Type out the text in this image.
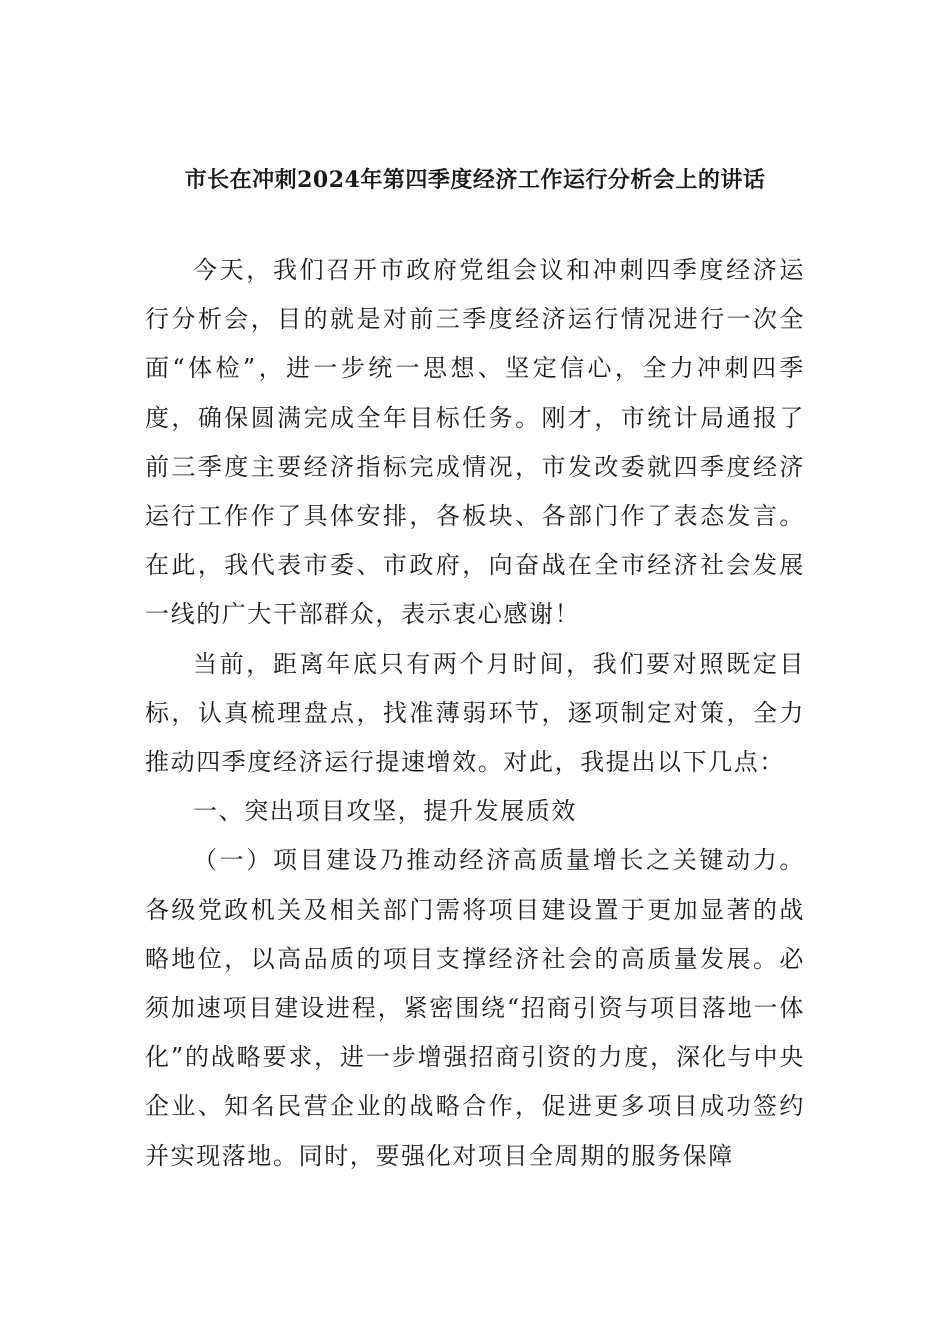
市长在冲刺2024年第四季度经济工作运行分析会上的讲话

今天，我们召开市政府党组会议和冲刺四季度经济运行分析会，目的就是对前三季度经济运行情况进行一次全面“体检”，进一步统一思想、坚定信心，全力冲刺四季度，确保圆满完成全年目标任务。刚才，市统计局通报了前三季度主要经济指标完成情况，市发改委就四季度经济运行工作作了具体安排，各板块、各部门作了表态发言。在此，我代表市委、市政府，向奋战在全市经济社会发展一线的广大干部群众，表示衷心感谢！

当前，距离年底只有两个月时间，我们要对照既定目标，认真梳理盘点，找准薄弱环节，逐项制定对策，全力推动四季度经济运行提速增效。对此，我提出以下几点：

一、突出项目攻坚，提升发展质效

（一）项目建设乃推动经济高质量增长之关键动力。各级党政机关及相关部门需将项目建设置于更加显著的战略地位，以高品质的项目支撑经济社会的高质量发展。必须加速项目建设进程，紧密围绕“招商引资与项目落地一体化”的战略要求，进一步增强招商引资的力度，深化与中央企业、知名民营企业的战略合作，促进更多项目成功签约并实现落地。同时，要强化对项目全周期的服务保障
